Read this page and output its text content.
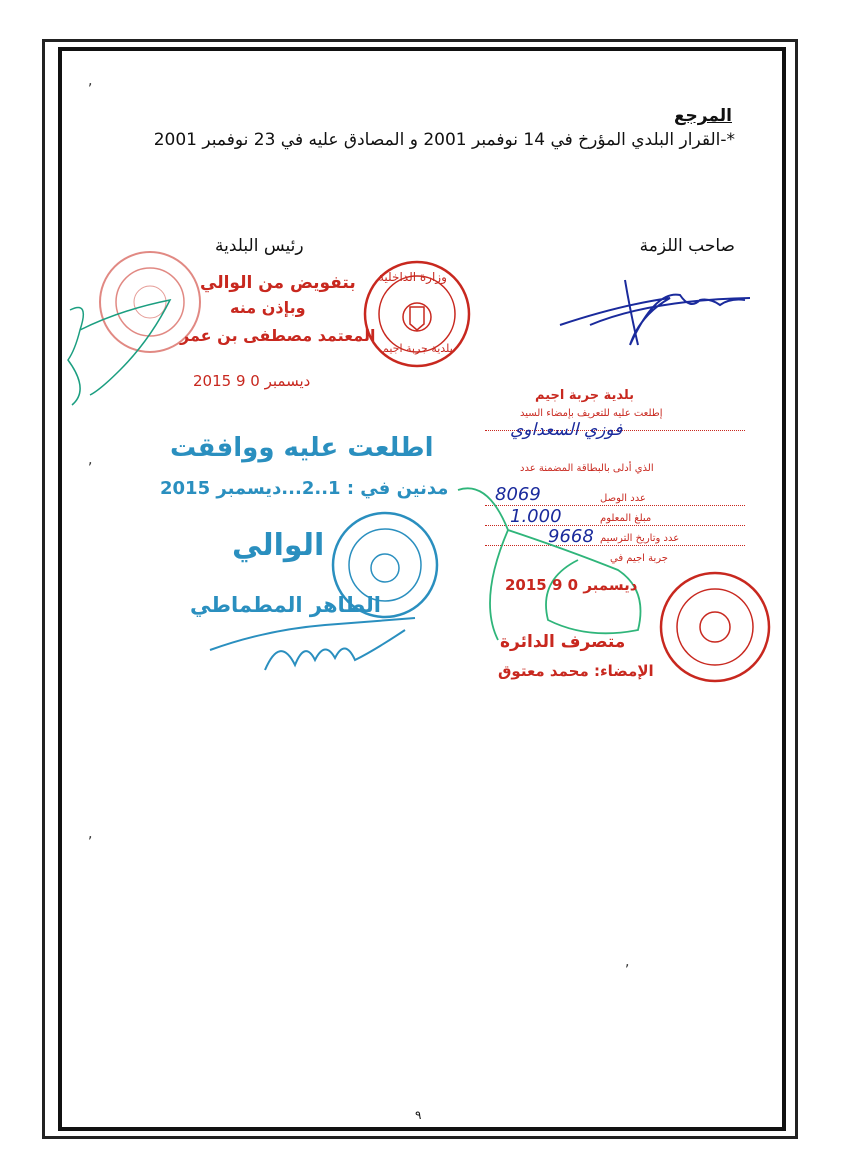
,
,
,
,
المرجع
*-القرار البلدي المؤرخ في 14 نوفمبر 2001 و المصادق عليه في 23 نوفمبر 2001
رئيس البلدية	صاحب اللزمة
بتفويض من الوالي
وبإذن منه
المعتمد مصطفى بن عمر
وزارة الداخلية
بلدية جربة اجيم
2015 ديسمبر 0 9
اطلعت عليه ووافقت
مدنين في : 1..2...ديسمبر 2015
الوالي
الطاهر المطماطي
بلدية جربة اجيم
إطلعت عليه للتعريف بإمضاء السيد
الذي أدلى بالبطاقة المضمنة عدد
عدد الوصل
مبلغ المعلوم
عدد وتاريخ الترسيم
جربة اجيم في
فوزي السعداوي
8069
1.000
9668
2015 ديسمبر 0 9
متصرف الدائرة
الإمضاء: محمد معتوق
٩
